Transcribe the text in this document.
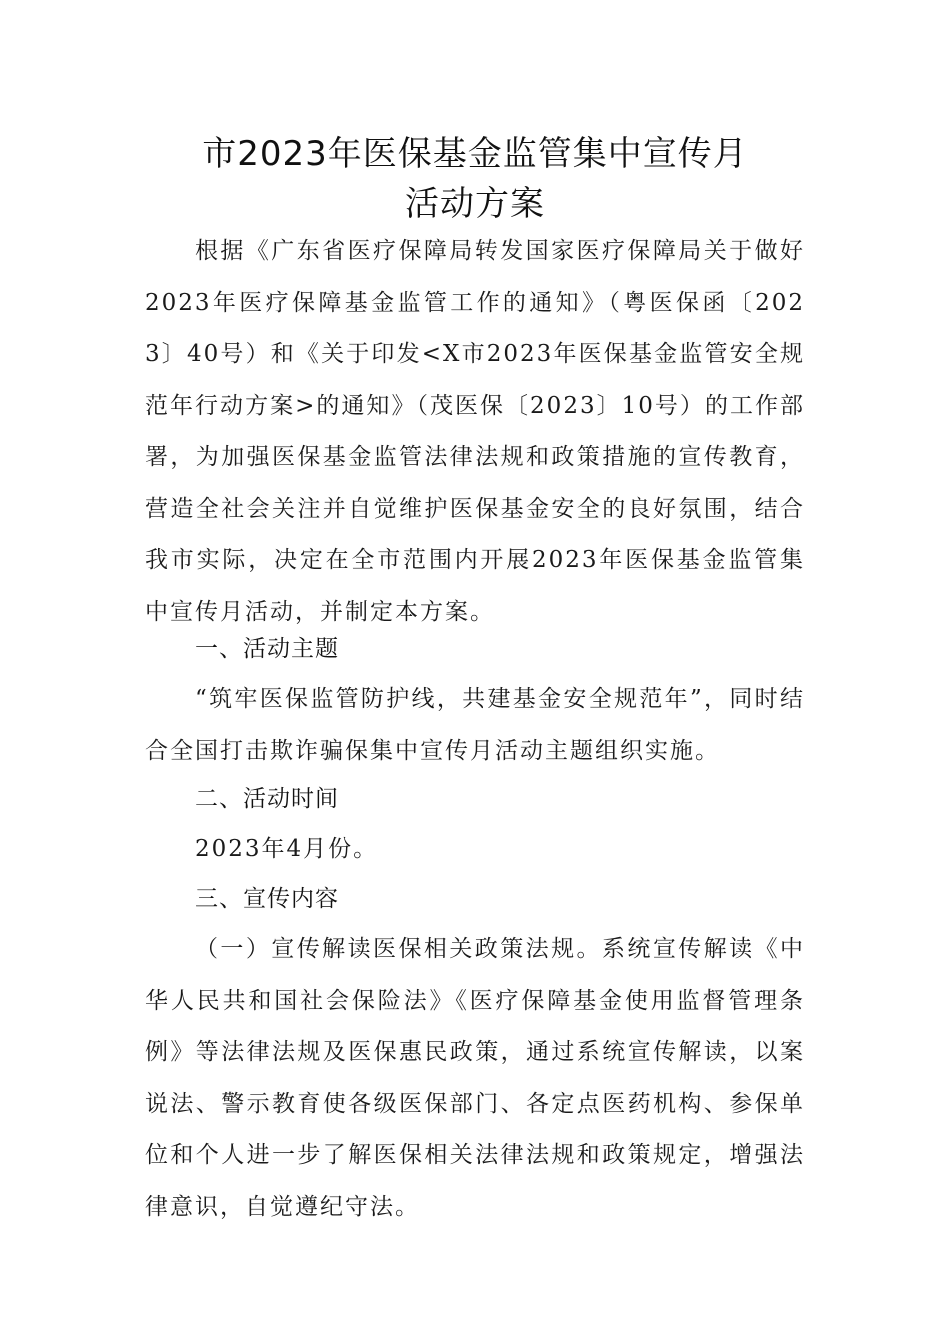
市2023年医保基金监管集中宣传月
活动方案

根据《广东省医疗保障局转发国家医疗保障局关于做好2023年医疗保障基金监管工作的通知》（粤医保函〔2023〕40号）和《关于印发<X市2023年医保基金监管安全规范年行动方案>的通知》（茂医保〔2023〕10号）的工作部署，为加强医保基金监管法律法规和政策措施的宣传教育，营造全社会关注并自觉维护医保基金安全的良好氛围，结合我市实际，决定在全市范围内开展2023年医保基金监管集中宣传月活动，并制定本方案。

一、活动主题

“筑牢医保监管防护线，共建基金安全规范年”，同时结合全国打击欺诈骗保集中宣传月活动主题组织实施。

二、活动时间

2023年4月份。

三、宣传内容

（一）宣传解读医保相关政策法规。系统宣传解读《中华人民共和国社会保险法》《医疗保障基金使用监督管理条例》等法律法规及医保惠民政策，通过系统宣传解读，以案说法、警示教育使各级医保部门、各定点医药机构、参保单位和个人进一步了解医保相关法律法规和政策规定，增强法律意识，自觉遵纪守法。
